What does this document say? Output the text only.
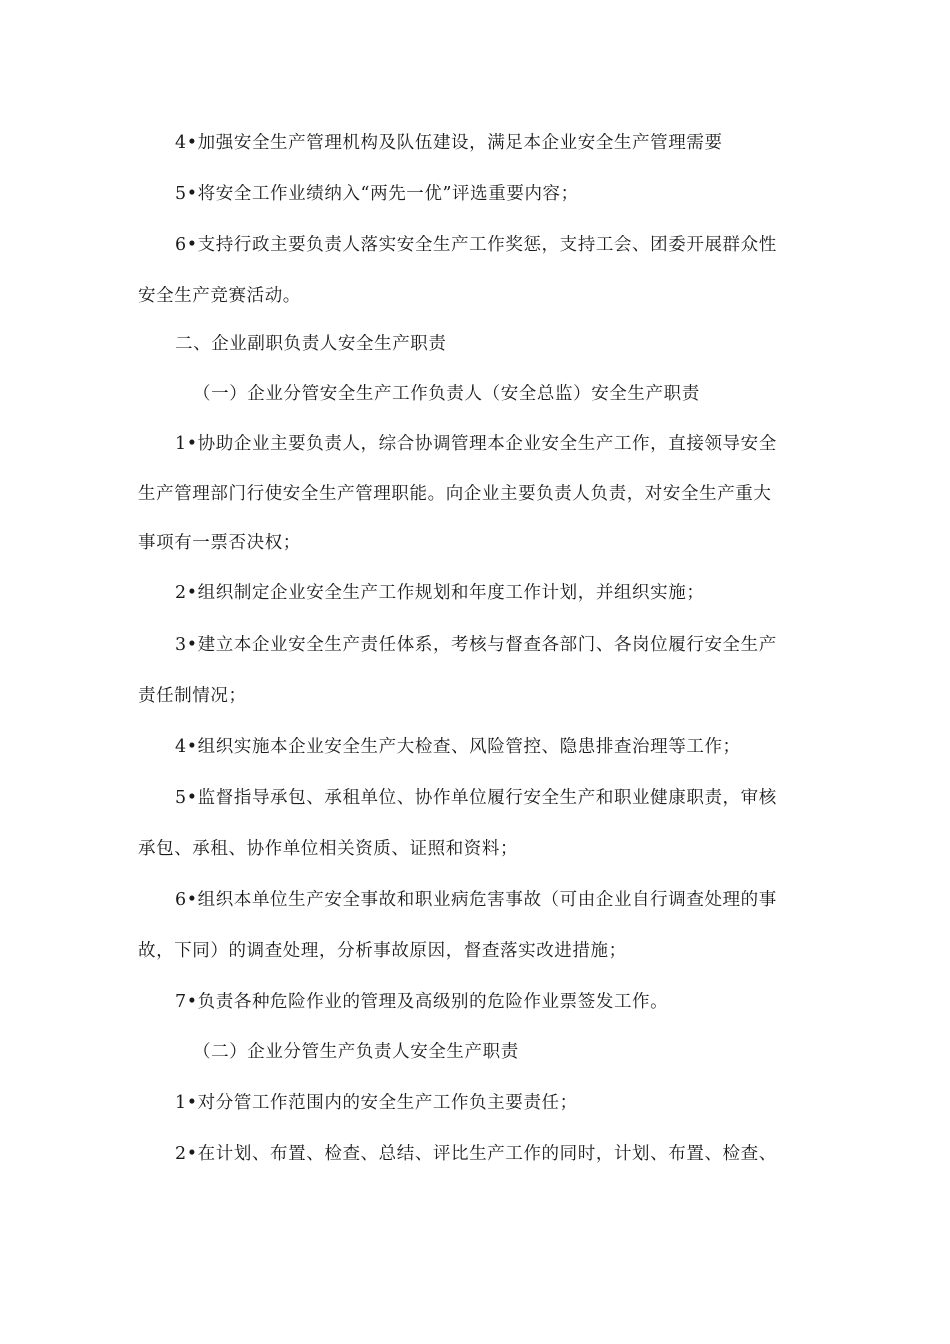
4•加强安全生产管理机构及队伍建设，满足本企业安全生产管理需要
5•将安全工作业绩纳入“两先一优”评选重要内容；
6•支持行政主要负责人落实安全生产工作奖惩，支持工会、团委开展群众性
安全生产竞赛活动。
二、企业副职负责人安全生产职责
（一）企业分管安全生产工作负责人（安全总监）安全生产职责
1•协助企业主要负责人，综合协调管理本企业安全生产工作，直接领导安全
生产管理部门行使安全生产管理职能。向企业主要负责人负责，对安全生产重大
事项有一票否决权；
2•组织制定企业安全生产工作规划和年度工作计划，并组织实施；
3•建立本企业安全生产责任体系，考核与督查各部门、各岗位履行安全生产
责任制情况；
4•组织实施本企业安全生产大检查、风险管控、隐患排查治理等工作；
5•监督指导承包、承租单位、协作单位履行安全生产和职业健康职责，审核
承包、承租、协作单位相关资质、证照和资料；
6•组织本单位生产安全事故和职业病危害事故（可由企业自行调查处理的事
故，下同）的调查处理，分析事故原因，督查落实改进措施；
7•负责各种危险作业的管理及高级别的危险作业票签发工作。
（二）企业分管生产负责人安全生产职责
1•对分管工作范围内的安全生产工作负主要责任；
2•在计划、布置、检查、总结、评比生产工作的同时，计划、布置、检查、
